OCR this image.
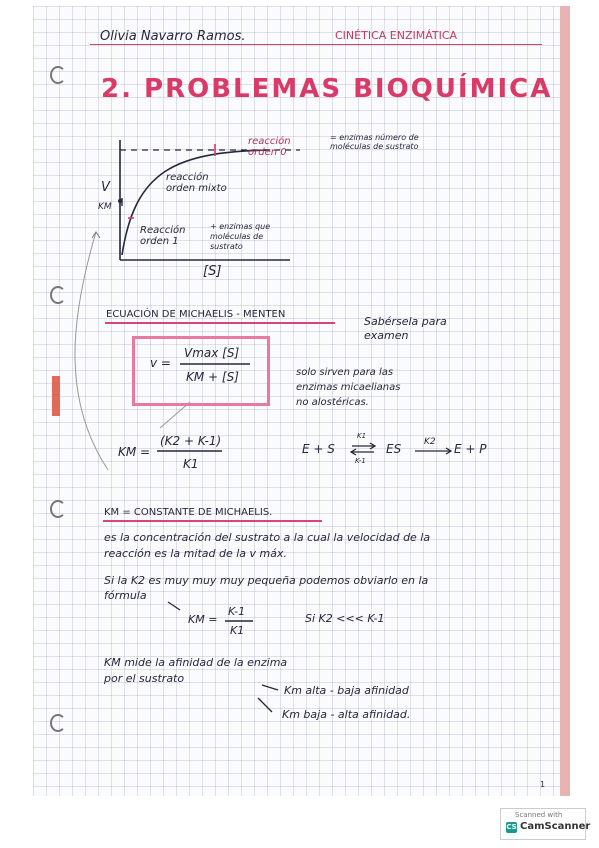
Olivia Navarro Ramos.	CINÉTICA ENZIMÁTICA
2. PROBLEMAS BIOQUÍMICA
V
KM
[S]
reacción orden 0
= enzimas número de moléculas de sustrato
reacción orden mixto
Reacción orden 1
+ enzimas que moléculas de sustrato
ECUACIÓN DE MICHAELIS - MENTEN
Sabérsela para examen
v =
Vmax [S]
KM + [S]	solo sirven para las enzimas micaelianas no alostéricas.
KM =
(K2 + K-1)
K1
E + S
K1
K-1
ES	K2 E + P
KM = CONSTANTE DE MICHAELIS.
es la concentración del sustrato a la cual la velocidad de la
reacción es la mitad de la v máx.
Si la K2 es muy muy muy pequeña podemos obviarlo en la
fórmula
KM =
K-1
K1
Si K2 <<< K-1
KM mide la afinidad de la enzima
por el sustrato
Km alta - baja afinidad
Km baja - alta afinidad.
1
Scanned with
CS CamScanner
